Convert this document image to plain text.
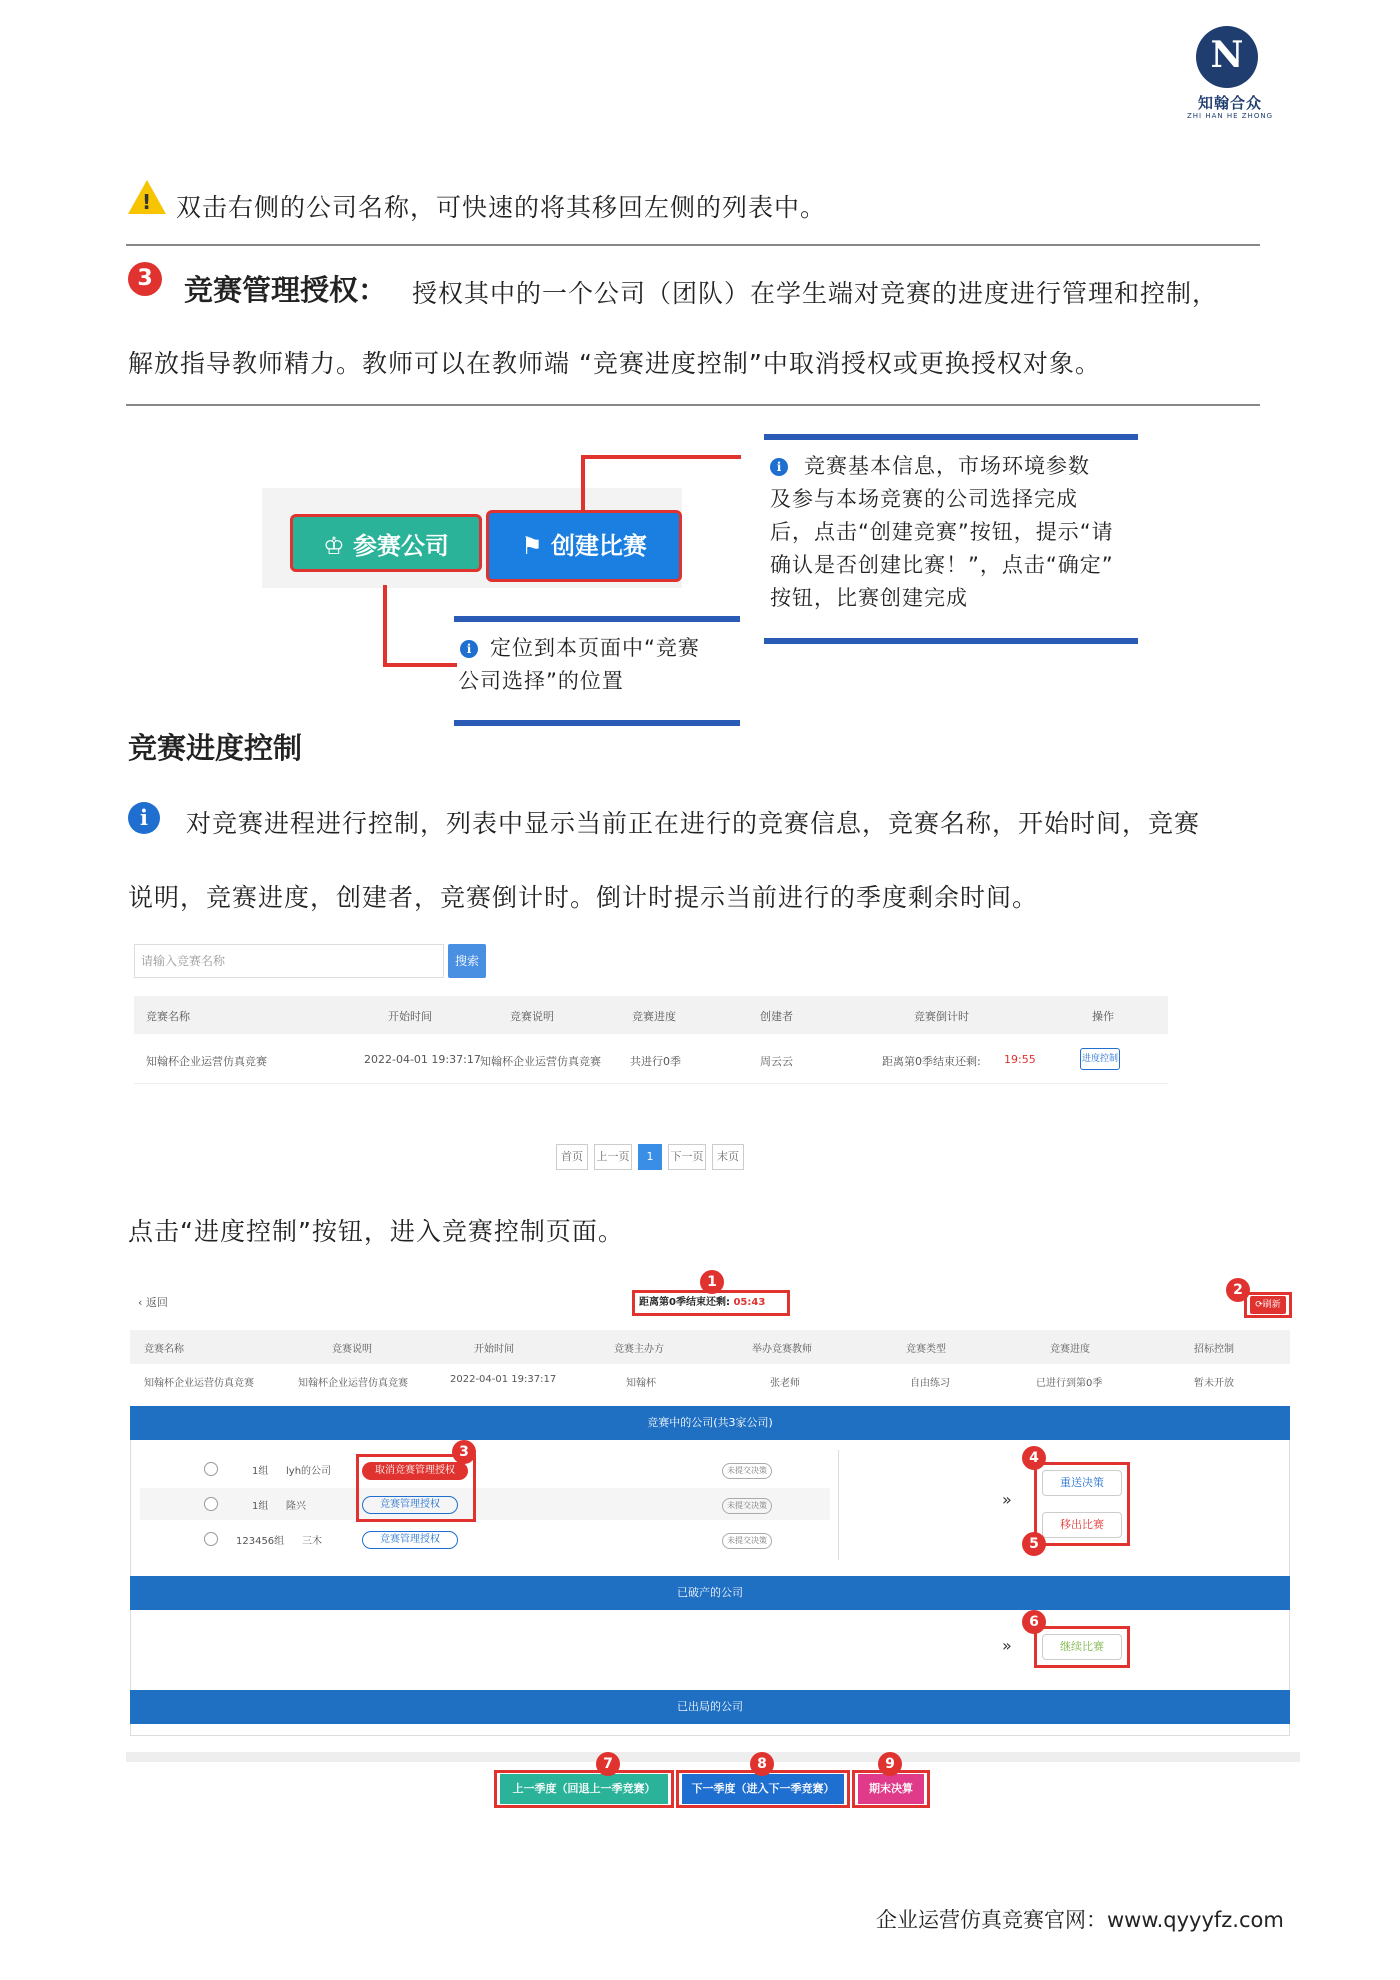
N
知翰合众
ZHI HAN HE ZHONG
! 双击右侧的公司名称，可快速的将其移回左侧的列表中。
3	竞赛管理授权： 授权其中的一个公司（团队）在学生端对竞赛的进度进行管理和控制，
解放指导教师精力。教师可以在教师端 “竞赛进度控制”中取消授权或更换授权对象。
♔ 参赛公司	⚑ 创建比赛
i	竞赛基本信息，市场环境参数
及参与本场竞赛的公司选择完成
后，点击“创建竞赛”按钮，提示“请
确认是否创建比赛！”，点击“确定”
按钮，比赛创建完成
i 定位到本页面中“竞赛
公司选择”的位置
竞赛进度控制
i	对竞赛进程进行控制，列表中显示当前正在进行的竞赛信息，竞赛名称，开始时间，竞赛
说明，竞赛进度，创建者，竞赛倒计时。倒计时提示当前进行的季度剩余时间。
请输入竞赛名称	搜索
竞赛名称	开始时间	竞赛说明	竞赛进度	创建者	竞赛倒计时	操作
知翰杯企业运营仿真竞赛	2022-04-01 19:37:17 知翰杯企业运营仿真竞赛	共进行0季	周云云	距离第0季结束还剩: 19:55	进度控制
首页	上一页	1	下一页	末页
点击“进度控制”按钮，进入竞赛控制页面。
‹ 返回	距离第0季结束还剩: 05:43
1
⟳刷新
2
竞赛名称	竞赛说明	开始时间	竞赛主办方	举办竞赛教师	竞赛类型	竞赛进度	招标控制
知翰杯企业运营仿真竞赛	知翰杯企业运营仿真竞赛	2022-04-01 19:37:17	知翰杯	张老师	自由练习	已进行到第0季	暂未开放
竞赛中的公司(共3家公司)
1组 lyh的公司	取消竞赛管理授权	未提交决策
1组 隆兴	竞赛管理授权	未提交决策
123456组 三木	竞赛管理授权	未提交决策
3
»
重送决策
移出比赛
4
5
已破产的公司
»	继续比赛
6
已出局的公司
上一季度（回退上一季竞赛）
7
下一季度（进入下一季竞赛）
8
期末决算
9
企业运营仿真竞赛官网：www.qyyyfz.com
